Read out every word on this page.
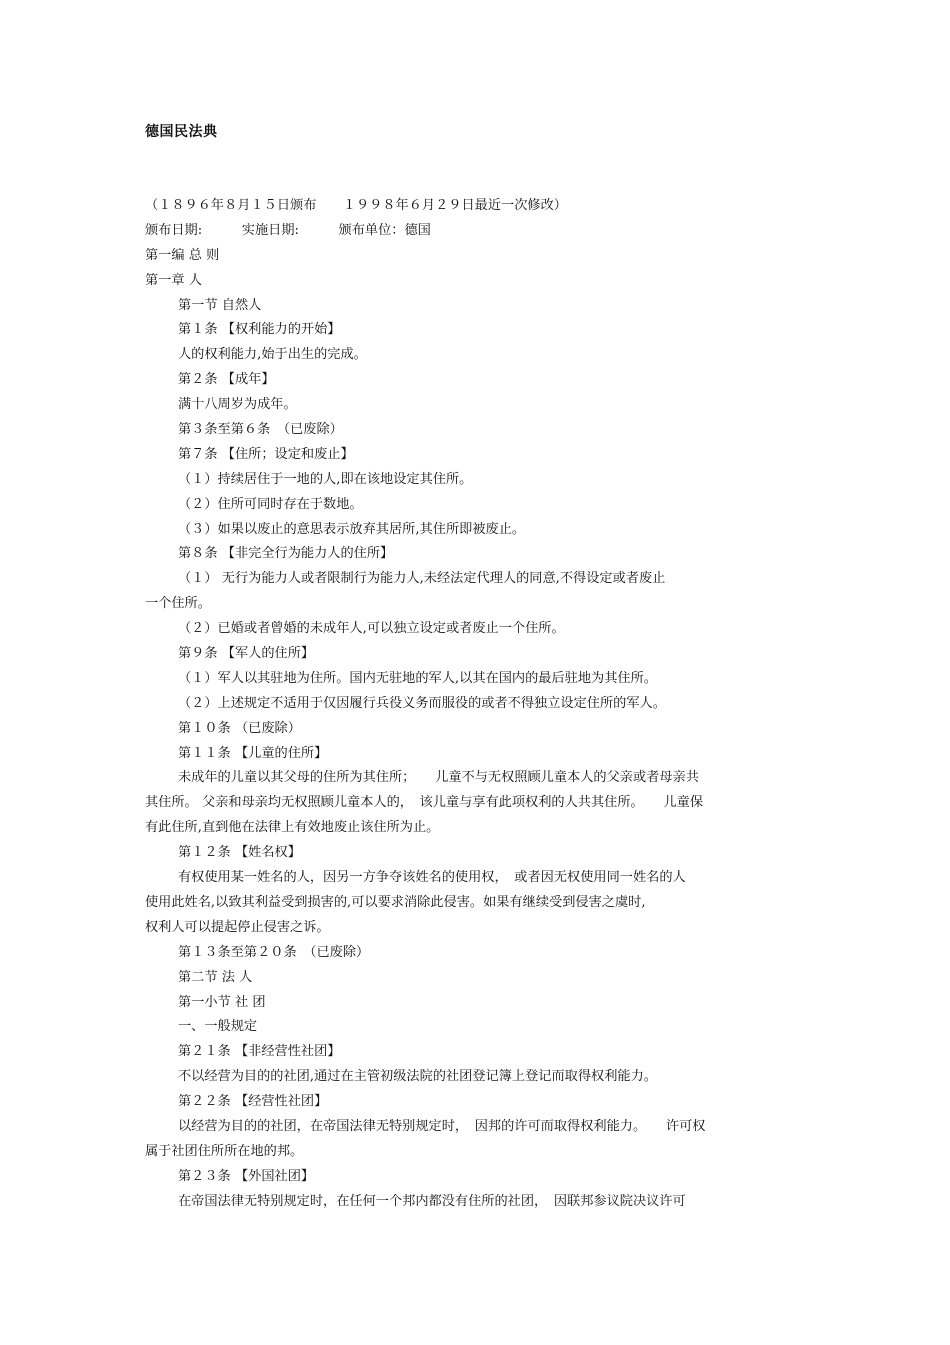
德国民法典
（１８９６年８月１５日颁布　　１９９８年６月２９日最近一次修改）
颁布日期:　　　实施日期:　　　颁布单位：德国
第一编 总 则
第一章 人
第一节 自然人
第１条 【权利能力的开始】
人的权利能力,始于出生的完成。
第２条 【成年】
满十八周岁为成年。
第３条至第６条　（已废除）
第７条 【住所；设定和废止】
（１）持续居住于一地的人,即在该地设定其住所。
（２）住所可同时存在于数地。
（３）如果以废止的意思表示放弃其居所,其住所即被废止。
第８条 【非完全行为能力人的住所】
（１） 无行为能力人或者限制行为能力人,未经法定代理人的同意,不得设定或者废止
一个住所。
（２）已婚或者曾婚的未成年人,可以独立设定或者废止一个住所。
第９条 【军人的住所】
（１）军人以其驻地为住所。国内无驻地的军人,以其在国内的最后驻地为其住所。
（２）上述规定不适用于仅因履行兵役义务而服役的或者不得独立设定住所的军人。
第１０条 （已废除）
第１１条 【儿童的住所】
未成年的儿童以其父母的住所为其住所；　　儿童不与无权照顾儿童本人的父亲或者母亲共
其住所。 父亲和母亲均无权照顾儿童本人的，　该儿童与享有此项权利的人共其住所。　　儿童保
有此住所,直到他在法律上有效地废止该住所为止。
第１２条 【姓名权】
有权使用某一姓名的人，因另一方争夺该姓名的使用权，　或者因无权使用同一姓名的人
使用此姓名,以致其利益受到损害的,可以要求消除此侵害。如果有继续受到侵害之虞时,
权利人可以提起停止侵害之诉。
第１３条至第２０条　（已废除）
第二节 法 人
第一小节 社 团
一、一般规定
第２１条 【非经营性社团】
不以经营为目的的社团,通过在主管初级法院的社团登记簿上登记而取得权利能力。
第２２条 【经营性社团】
以经营为目的的社团，在帝国法律无特别规定时，　因邦的许可而取得权利能力。　　许可权
属于社团住所所在地的邦。
第２３条 【外国社团】
在帝国法律无特别规定时，在任何一个邦内都没有住所的社团，　因联邦参议院决议许可
